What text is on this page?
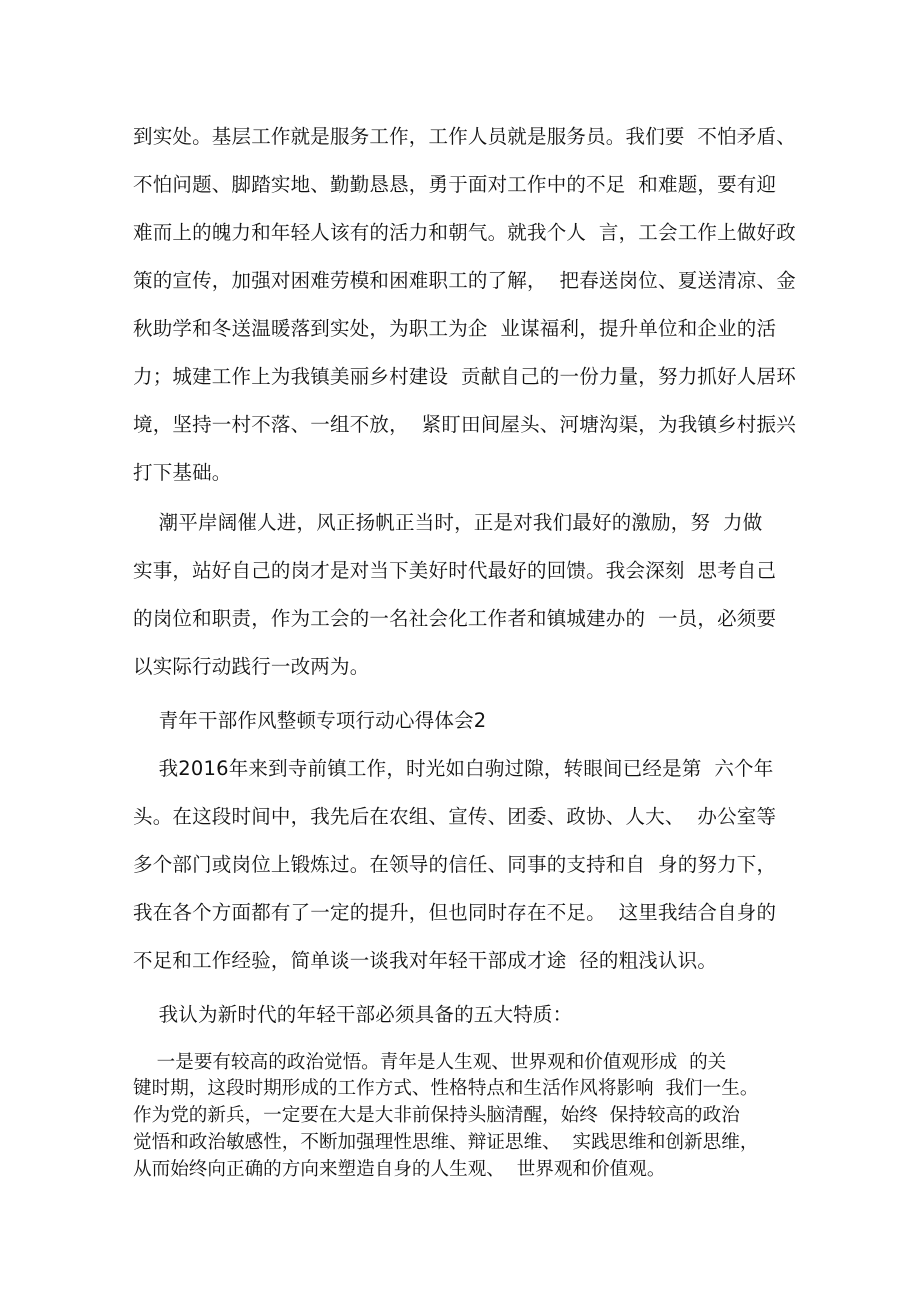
到实处。基层工作就是服务工作，工作人员就是服务员。我们要  不怕矛盾、

不怕问题、脚踏实地、勤勤恳恳，勇于面对工作中的不足  和难题，要有迎

难而上的魄力和年轻人该有的活力和朝气。就我个人  言，工会工作上做好政

策的宣传，加强对困难劳模和困难职工的了解，  把春送岗位、夏送清凉、金

秋助学和冬送温暖落到实处，为职工为企  业谋福利，提升单位和企业的活

力；城建工作上为我镇美丽乡村建设  贡献自己的一份力量，努力抓好人居环

境，坚持一村不落、一组不放，  紧盯田间屋头、河塘沟渠，为我镇乡村振兴

打下基础。

潮平岸阔催人进，风正扬帆正当时，正是对我们最好的激励，努  力做

实事，站好自己的岗才是对当下美好时代最好的回馈。我会深刻  思考自己

的岗位和职责，作为工会的一名社会化工作者和镇城建办的  一员，必须要

以实际行动践行一改两为。

青年干部作风整顿专项行动心得体会2

我2016年来到寺前镇工作，时光如白驹过隙，转眼间已经是第  六个年

头。在这段时间中，我先后在农组、宣传、团委、政协、人大、  办公室等

多个部门或岗位上锻炼过。在领导的信任、同事的支持和自  身的努力下，

我在各个方面都有了一定的提升，但也同时存在不足。  这里我结合自身的

不足和工作经验，简单谈一谈我对年轻干部成才途  径的粗浅认识。

我认为新时代的年轻干部必须具备的五大特质：

一是要有较高的政治觉悟。青年是人生观、世界观和价值观形成  的关

键时期，这段时期形成的工作方式、性格特点和生活作风将影响  我们一生。

作为党的新兵，一定要在大是大非前保持头脑清醒，始终  保持较高的政治

觉悟和政治敏感性，不断加强理性思维、辩证思维、  实践思维和创新思维，

从而始终向正确的方向来塑造自身的人生观、  世界观和价值观。
